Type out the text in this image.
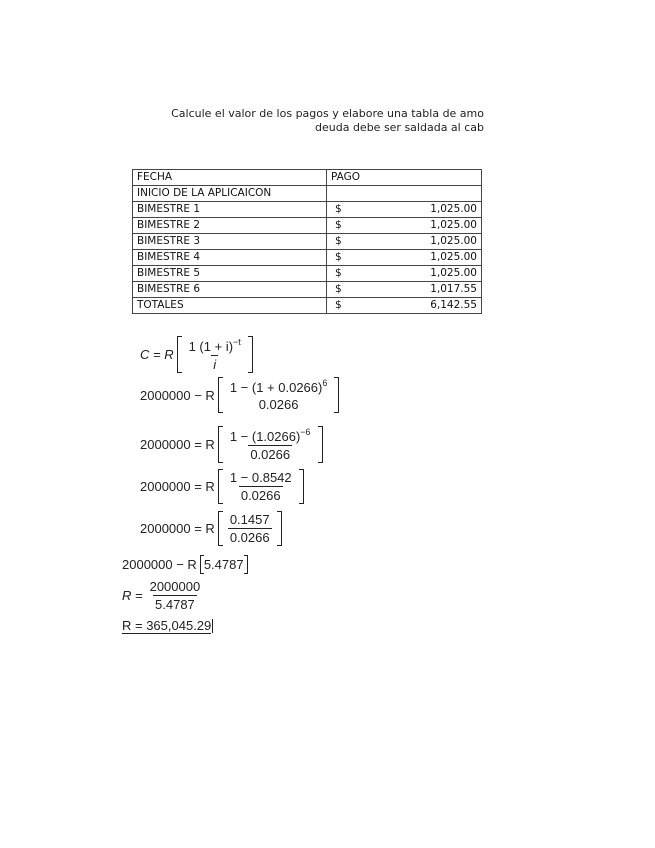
Calcule el valor de los pagos y elabore una tabla de amo
deuda debe ser saldada al cab
FECHA	PAGO
INICIO DE LA APLICAICON	
BIMESTRE 1	$ 1,025.00

BIMESTRE 2	$ 1,025.00

BIMESTRE 3	$ 1,025.00

BIMESTRE 4	$ 1,025.00

BIMESTRE 5	$ 1,025.00

BIMESTRE 6	$ 1,017.55

TOTALES	$ 6,142.55
C = R $\frac{1 (1 + i)^{-t}}{i}$
2000000 − R $1 - (1 + 0.0266)^6$
0.0266
2000000 = R $\frac{1 - (1.0266)^{-6}}{0.0266}$
2000000 = R $\frac{1 - 0.8542}{0.0266}$
2000000 = R $\frac{0.1457}{0.0266}$
2000000 − R 5.4787
$R = \frac{2000000}{5.4787}$
R = 365,045.29
